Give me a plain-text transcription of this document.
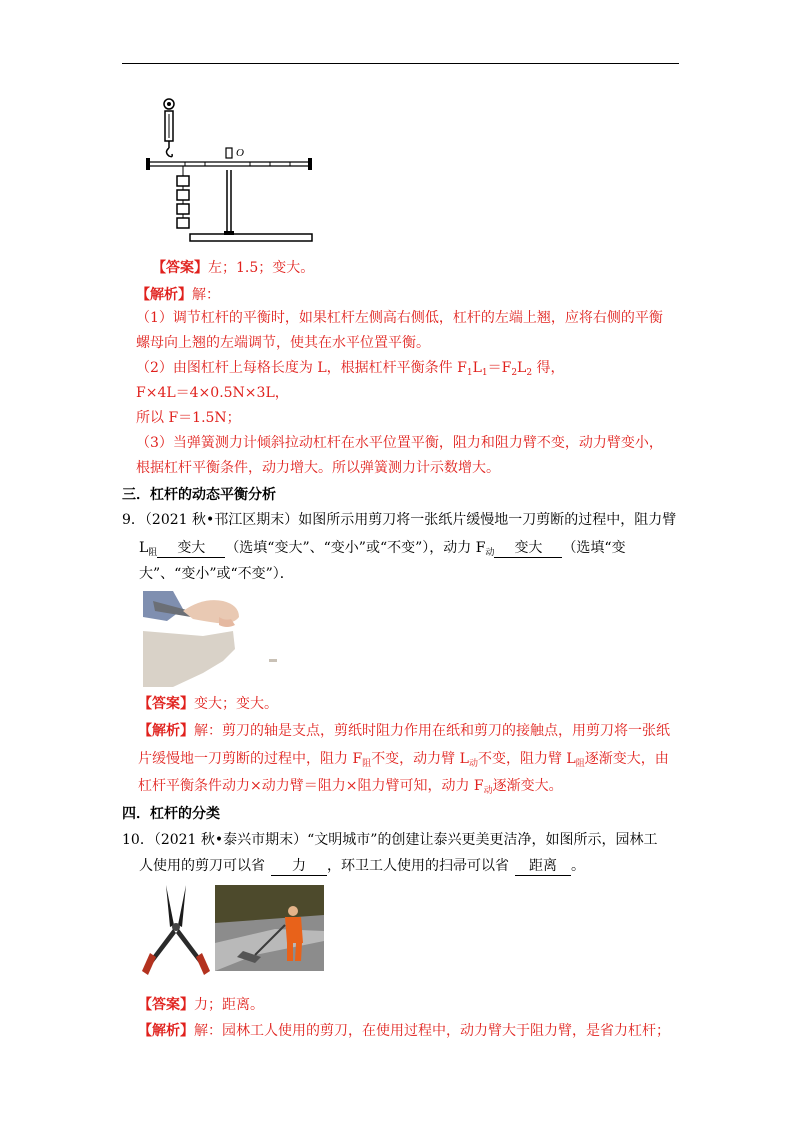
O
【答案】左；1.5；变大。
【解析】解：
（1）调节杠杆的平衡时，如果杠杆左侧高右侧低，杠杆的左端上翘，应将右侧的平衡
螺母向上翘的左端调节，使其在水平位置平衡。
（2）由图杠杆上每格长度为 L，根据杠杆平衡条件 $F_1L_1=F_2L_2$ 得，
F×4L＝4×0.5N×3L，
所以 F＝1.5N；
（3）当弹簧测力计倾斜拉动杠杆在水平位置平衡，阻力和阻力臂不变，动力臂变小，
根据杠杆平衡条件，动力增大。所以弹簧测力计示数增大。
三．杠杆的动态平衡分析
9．（2021 秋•邗江区期末）如图所示用剪刀将一张纸片缓慢地一刀剪断的过程中，阻力臂
$L_阻$ 变大 （选填“变大”、“变小”或“不变”），动力 $F_动$ 变大 （选填“变
大”、“变小”或“不变”）．
【答案】变大；变大。
【解析】解：剪刀的轴是支点，剪纸时阻力作用在纸和剪刀的接触点，用剪刀将一张纸
片缓慢地一刀剪断的过程中，阻力 $F_阻$不变，动力臂 $L_动$不变，阻力臂 $L_阻$逐渐变大，由
杠杆平衡条件动力×动力臂＝阻力×阻力臂可知，动力 $F_动$逐渐变大。
四．杠杆的分类
10．（2021 秋•泰兴市期末）“文明城市”的创建让泰兴更美更洁净，如图所示，园林工
人使用的剪刀可以省 力 ，环卫工人使用的扫帚可以省 距离 。
【答案】力；距离。
【解析】解：园林工人使用的剪刀，在使用过程中，动力臂大于阻力臂，是省力杠杆；
